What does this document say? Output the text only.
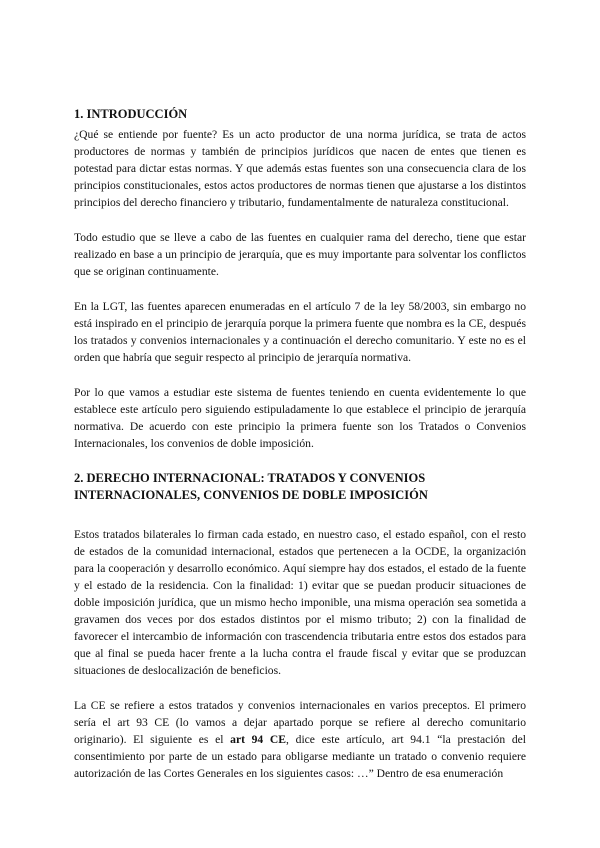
1. INTRODUCCIÓN

¿Qué se entiende por fuente? Es un acto productor de una norma jurídica, se trata de actos productores de normas y también de principios jurídicos que nacen de entes que tienen es potestad para dictar estas normas. Y que además estas fuentes son una consecuencia clara de los principios constitucionales, estos actos productores de normas tienen que ajustarse a los distintos principios del derecho financiero y tributario, fundamentalmente de naturaleza constitucional.

Todo estudio que se lleve a cabo de las fuentes en cualquier rama del derecho, tiene que estar realizado en base a un principio de jerarquía, que es muy importante para solventar los conflictos que se originan continuamente.

En la LGT, las fuentes aparecen enumeradas en el artículo 7 de la ley 58/2003, sin embargo no está inspirado en el principio de jerarquía porque la primera fuente que nombra es la CE, después los tratados y convenios internacionales y a continuación el derecho comunitario. Y este no es el orden que habría que seguir respecto al principio de jerarquía normativa.

Por lo que vamos a estudiar este sistema de fuentes teniendo en cuenta evidentemente lo que establece este artículo pero siguiendo estipuladamente lo que establece el principio de jerarquía normativa. De acuerdo con este principio la primera fuente son los Tratados o Convenios Internacionales, los convenios de doble imposición.

2. DERECHO INTERNACIONAL: TRATADOS Y CONVENIOS INTERNACIONALES, CONVENIOS DE DOBLE IMPOSICIÓN

Estos tratados bilaterales lo firman cada estado, en nuestro caso, el estado español, con el resto de estados de la comunidad internacional, estados que pertenecen a la OCDE, la organización para la cooperación y desarrollo económico. Aquí siempre hay dos estados, el estado de la fuente y el estado de la residencia. Con la finalidad: 1) evitar que se puedan producir situaciones de doble imposición jurídica, que un mismo hecho imponible, una misma operación sea sometida a gravamen dos veces por dos estados distintos por el mismo tributo; 2) con la finalidad de favorecer el intercambio de información con trascendencia tributaria entre estos dos estados para que al final se pueda hacer frente a la lucha contra el fraude fiscal y evitar que se produzcan situaciones de deslocalización de beneficios.

La CE se refiere a estos tratados y convenios internacionales en varios preceptos. El primero sería el art 93 CE (lo vamos a dejar apartado porque se refiere al derecho comunitario originario). El siguiente es el art 94 CE, dice este artículo, art 94.1 “la prestación del consentimiento por parte de un estado para obligarse mediante un tratado o convenio requiere autorización de las Cortes Generales en los siguientes casos: …” Dentro de esa enumeración
